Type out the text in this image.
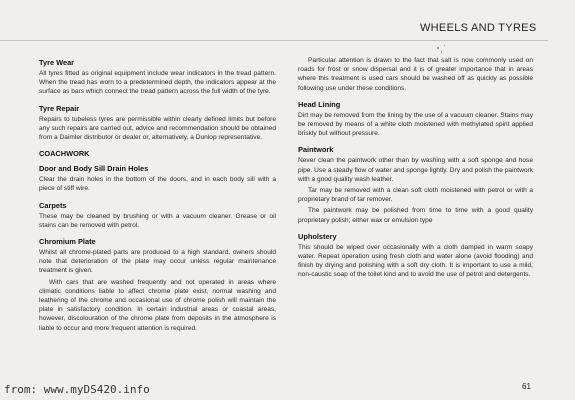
WHEELS AND TYRES
Tyre Wear

All tyres fitted as original equipment include wear indicators in the tread pattern. When the tread has worn to a predetermined depth, the indicators appear at the surface as bars which connect the tread pattern across the full width of the tyre.

Tyre Repair

Repairs to tubeless tyres are permissible within clearly defined limits but before any such repairs are carried out, advice and recommendation should be obtained from a Daimler distributor or dealer or, alternatively, a Dunlop representative.

COACHWORK
Door and Body Sill Drain Holes

Clear the drain holes in the bottom of the doors, and in each body sill with a piece of stiff wire.

Carpets

These may be cleaned by brushing or with a vacuum cleaner. Grease or oil stains can be removed with petrol.

Chromium Plate

Whilst all chrome-plated parts are produced to a high standard, owners should note that deterioration of the plate may occur unless regular maintenance treatment is given.

With cars that are washed frequently and not operated in areas where climatic conditions liable to affect chrome plate exist, normal washing and leathering of the chrome and occasional use of chrome polish will maintain the plate in satisfactory condition. In certain industrial areas or coastal areas, however, discolouration of the chrome plate from deposits in the atmosphere is liable to occur and more frequent attention is required.

Particular attention is drawn to the fact that salt is now commonly used on roads for frost or snow dispersal and it is of greater importance that in areas where this treatment is used cars should be washed off as quickly as possible following use under these conditions.

Head Lining

Dirt may be removed from the lining by the use of a vacuum cleaner. Stains may be removed by means of a white cloth moistened with methylated spirit applied briskly but without pressure.

Paintwork

Never clean the paintwork other than by washing with a soft sponge and hose pipe. Use a steady flow of water and sponge lightly. Dry and polish the paintwork with a good quality wash leather.

Tar may be removed with a clean soft cloth moistened with petrol or with a proprietary brand of tar remover.

The paintwork may be polished from time to time with a good quality proprietary polish; either wax or emulsion type

Upholstery

This should be wiped over occasionally with a cloth damped in warm soapy water. Repeat operation using fresh cloth and water alone (avoid flooding) and finish by drying and polishing with a soft dry cloth. It is important to use a mild, non-caustic soap of the toilet kind and to avoid the use of petrol and detergents.

61
from: www.myDS420.info
